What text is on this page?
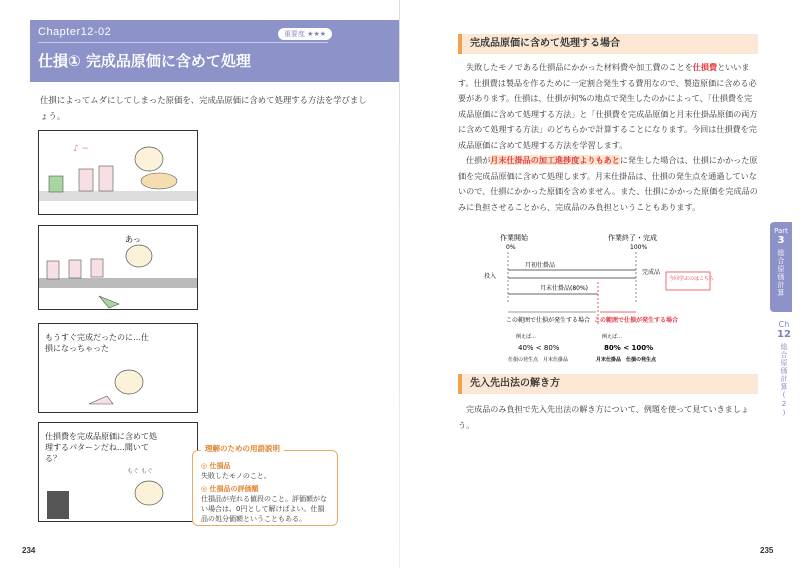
Chapter12-02	重要度 ★★★
仕損① 完成品原価に含めて処理

仕損によってムダにしてしまった原価を、完成品原価に含めて処理する方法を学びましょう。

♪ ~
あっ
もうすぐ完成だったのに…仕損になっちゃった
仕損費を完成品原価に含めて処理するパターンだね…聞いてる？
もぐ もぐ
理解のための用語説明
◎ 仕損品
失敗したモノのこと。
◎ 仕損品の評価額
仕損品が売れる値段のこと。評価額がない場合は、0円として解けばよい。仕損品の処分価額ということもある。
234
完成品原価に含めて処理する場合

失敗したモノである仕損品にかかった材料費や加工費のことを仕損費といいます。仕損費は製品を作るために一定割合発生する費用なので、製造原価に含める必要があります。仕損は、仕損が何%の地点で発生したのかによって、「仕損費を完成品原価に含めて処理する方法」と「仕損費を完成品原価と月末仕掛品原価の両方に含めて処理する方法」のどちらかで計算することになります。今回は仕損費を完成品原価に含めて処理する方法を学習します。

仕損が月末仕掛品の加工進捗度よりもあとに発生した場合は、仕損にかかった原価を完成品原価に含めて処理します。月末仕掛品は、仕損の発生点を通過していないので、仕損にかかった原価を含めません。また、仕損にかかった原価を完成品のみに負担させることから、完成品のみ負担ということもあります。

作業開始
0%
作業終了・完成
100%
月初仕掛品
投入
完成品
月末仕掛品(80%)
今回学ぶのはこちら
この範囲で仕損が発生する場合 この範囲で仕損が発生する場合
例えば…
40% < 80%
仕損の発生点　月末仕掛品
例えば…
80% < 100%
月末仕掛品　仕損の発生点
先入先出法の解き方

完成品のみ負担で先入先出法の解き方について、例題を使って見ていきましょう。

Part
3
総合原価計算
Ch
12
総合原価計算(2)
235
